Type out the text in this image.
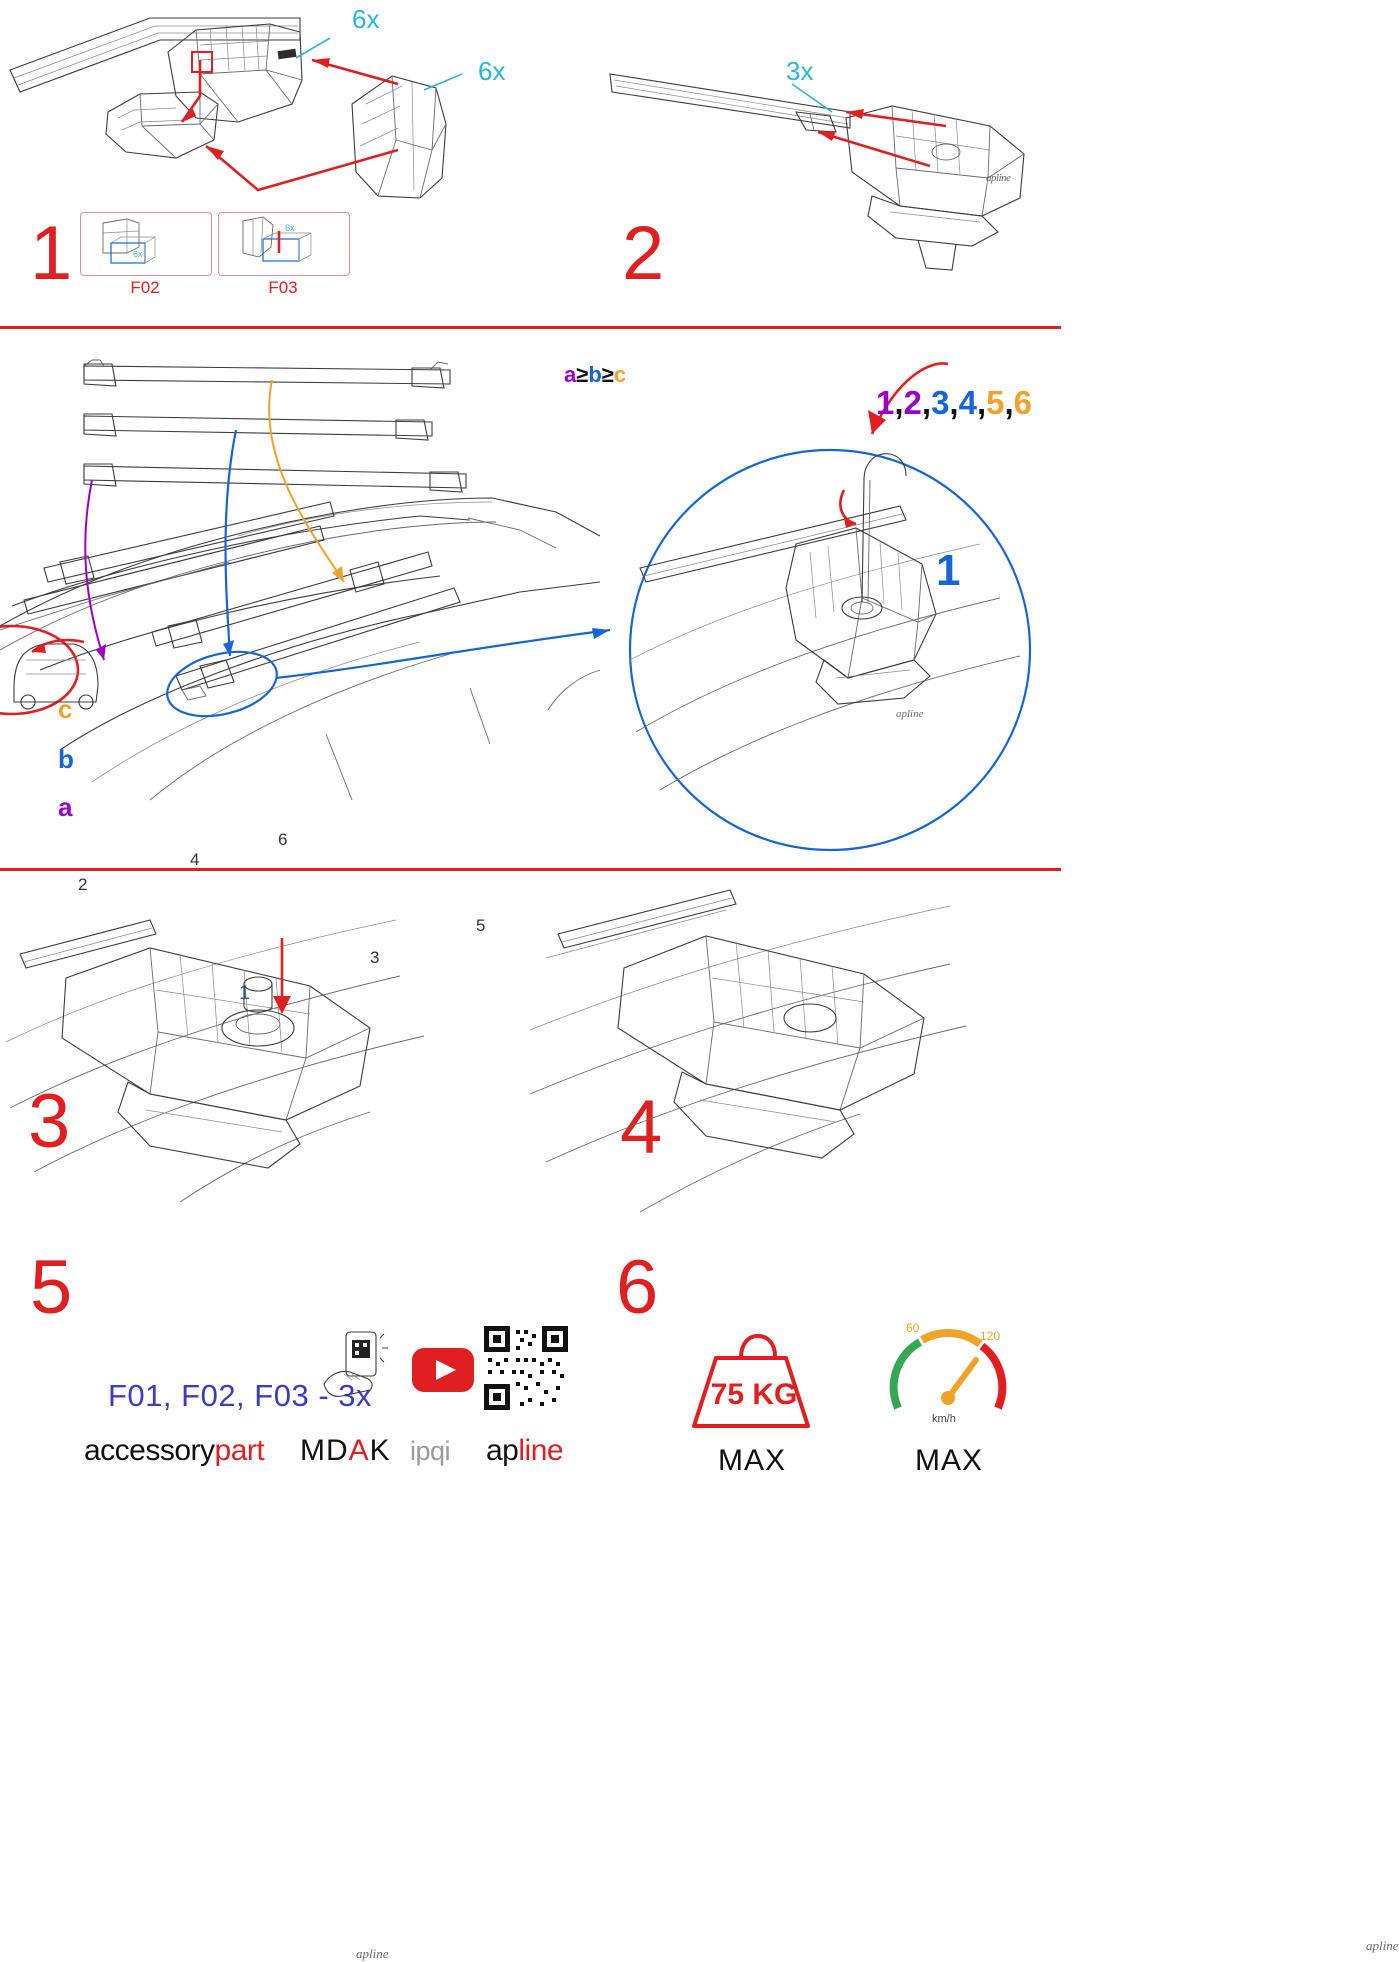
6x
6x
6x
F02
6x
F03
1
3x
apline
2
c
b
a
2
4
6
3
5
1
3
a≥b≥c
1,2,3,4,5,6
1
apline
4
apline
5
apline
6
F01, F02, F03 - 3x
accessorypart MDAK ipqi apline
75 KG
MAX
60
120
km/h
MAX
